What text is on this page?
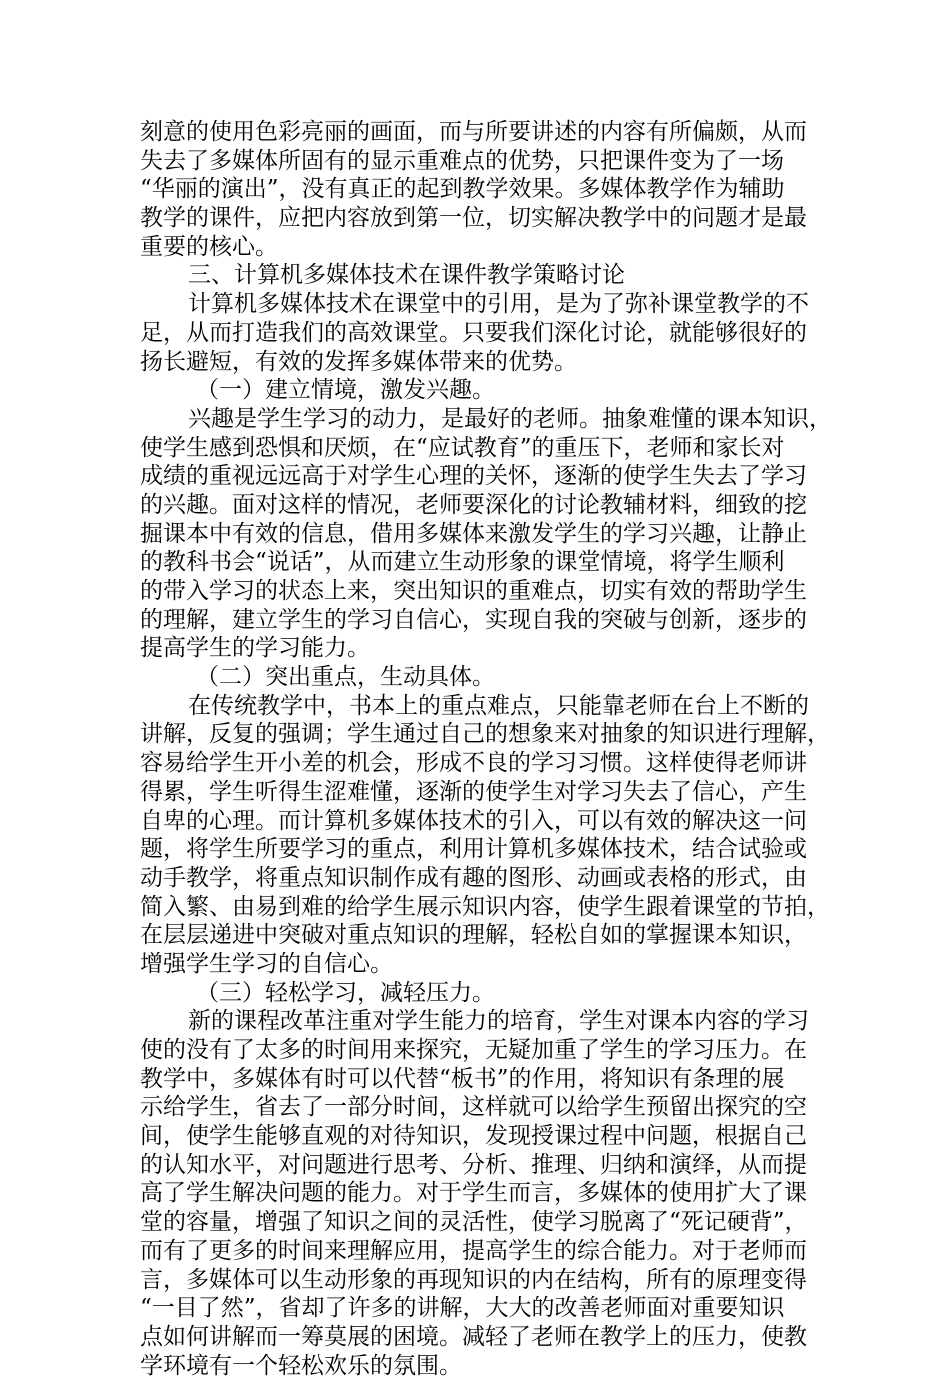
刻意的使用色彩亮丽的画面，而与所要讲述的内容有所偏颇，从而
失去了多媒体所固有的显示重难点的优势，只把课件变为了一场
“华丽的演出”，没有真正的起到教学效果。多媒体教学作为辅助
教学的课件，应把内容放到第一位，切实解决教学中的问题才是最
重要的核心。
三、计算机多媒体技术在课件教学策略讨论
计算机多媒体技术在课堂中的引用，是为了弥补课堂教学的不
足，从而打造我们的高效课堂。只要我们深化讨论，就能够很好的
扬长避短，有效的发挥多媒体带来的优势。
（一）建立情境，激发兴趣。
兴趣是学生学习的动力，是最好的老师。抽象难懂的课本知识，
使学生感到恐惧和厌烦，在“应试教育”的重压下，老师和家长对
成绩的重视远远高于对学生心理的关怀，逐渐的使学生失去了学习
的兴趣。面对这样的情况，老师要深化的讨论教辅材料，细致的挖
掘课本中有效的信息，借用多媒体来激发学生的学习兴趣，让静止
的教科书会“说话”，从而建立生动形象的课堂情境，将学生顺利
的带入学习的状态上来，突出知识的重难点，切实有效的帮助学生
的理解，建立学生的学习自信心，实现自我的突破与创新，逐步的
提高学生的学习能力。
（二）突出重点，生动具体。
在传统教学中，书本上的重点难点，只能靠老师在台上不断的
讲解，反复的强调；学生通过自己的想象来对抽象的知识进行理解，
容易给学生开小差的机会，形成不良的学习习惯。这样使得老师讲
得累，学生听得生涩难懂，逐渐的使学生对学习失去了信心，产生
自卑的心理。而计算机多媒体技术的引入，可以有效的解决这一问
题，将学生所要学习的重点，利用计算机多媒体技术，结合试验或
动手教学，将重点知识制作成有趣的图形、动画或表格的形式，由
简入繁、由易到难的给学生展示知识内容，使学生跟着课堂的节拍，
在层层递进中突破对重点知识的理解，轻松自如的掌握课本知识，
增强学生学习的自信心。
（三）轻松学习，减轻压力。
新的课程改革注重对学生能力的培育，学生对课本内容的学习
使的没有了太多的时间用来探究，无疑加重了学生的学习压力。在
教学中，多媒体有时可以代替“板书”的作用，将知识有条理的展
示给学生，省去了一部分时间，这样就可以给学生预留出探究的空
间，使学生能够直观的对待知识，发现授课过程中问题，根据自己
的认知水平，对问题进行思考、分析、推理、归纳和演绎，从而提
高了学生解决问题的能力。对于学生而言，多媒体的使用扩大了课
堂的容量，增强了知识之间的灵活性，使学习脱离了“死记硬背”，
而有了更多的时间来理解应用，提高学生的综合能力。对于老师而
言，多媒体可以生动形象的再现知识的内在结构，所有的原理变得
“一目了然”，省却了许多的讲解，大大的改善老师面对重要知识
点如何讲解而一筹莫展的困境。减轻了老师在教学上的压力，使教
学环境有一个轻松欢乐的氛围。
